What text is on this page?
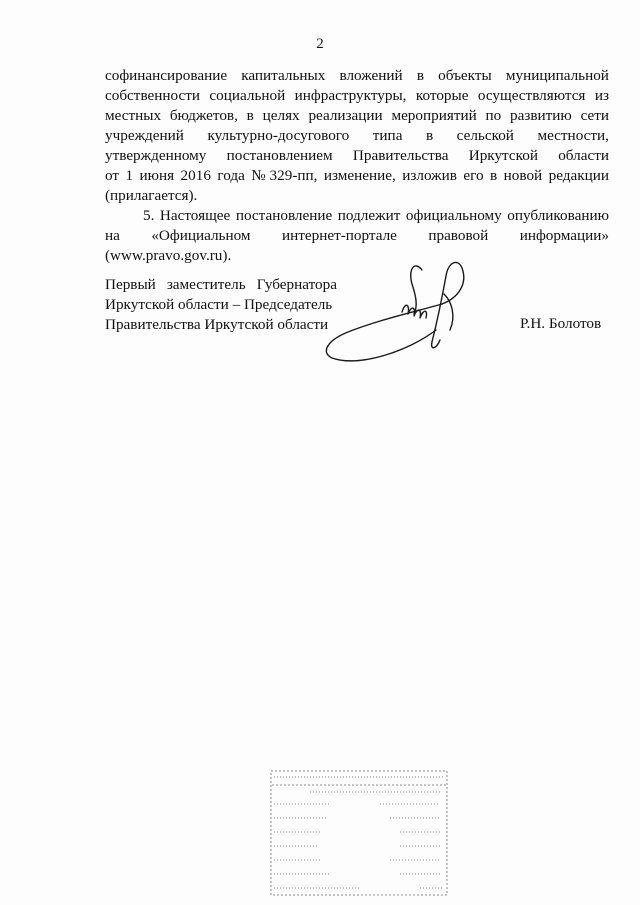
2
софинансирование капитальных вложений в объекты муниципальной
собственности социальной инфраструктуры, которые осуществляются из
местных бюджетов, в целях реализации мероприятий по развитию сети
учреждений культурно-досугового типа в сельской местности,
утвержденному постановлением Правительства Иркутской области
от 1 июня 2016 года № 329-пп, изменение, изложив его в новой редакции
(прилагается).
5. Настоящее постановление подлежит официальному опубликованию
на «Официальном интернет-портале правовой информации»
(www.pravo.gov.ru).
Первый заместитель Губернатора
Иркутской области – Председатель
Правительства Иркутской области	Р.Н. Болотов
